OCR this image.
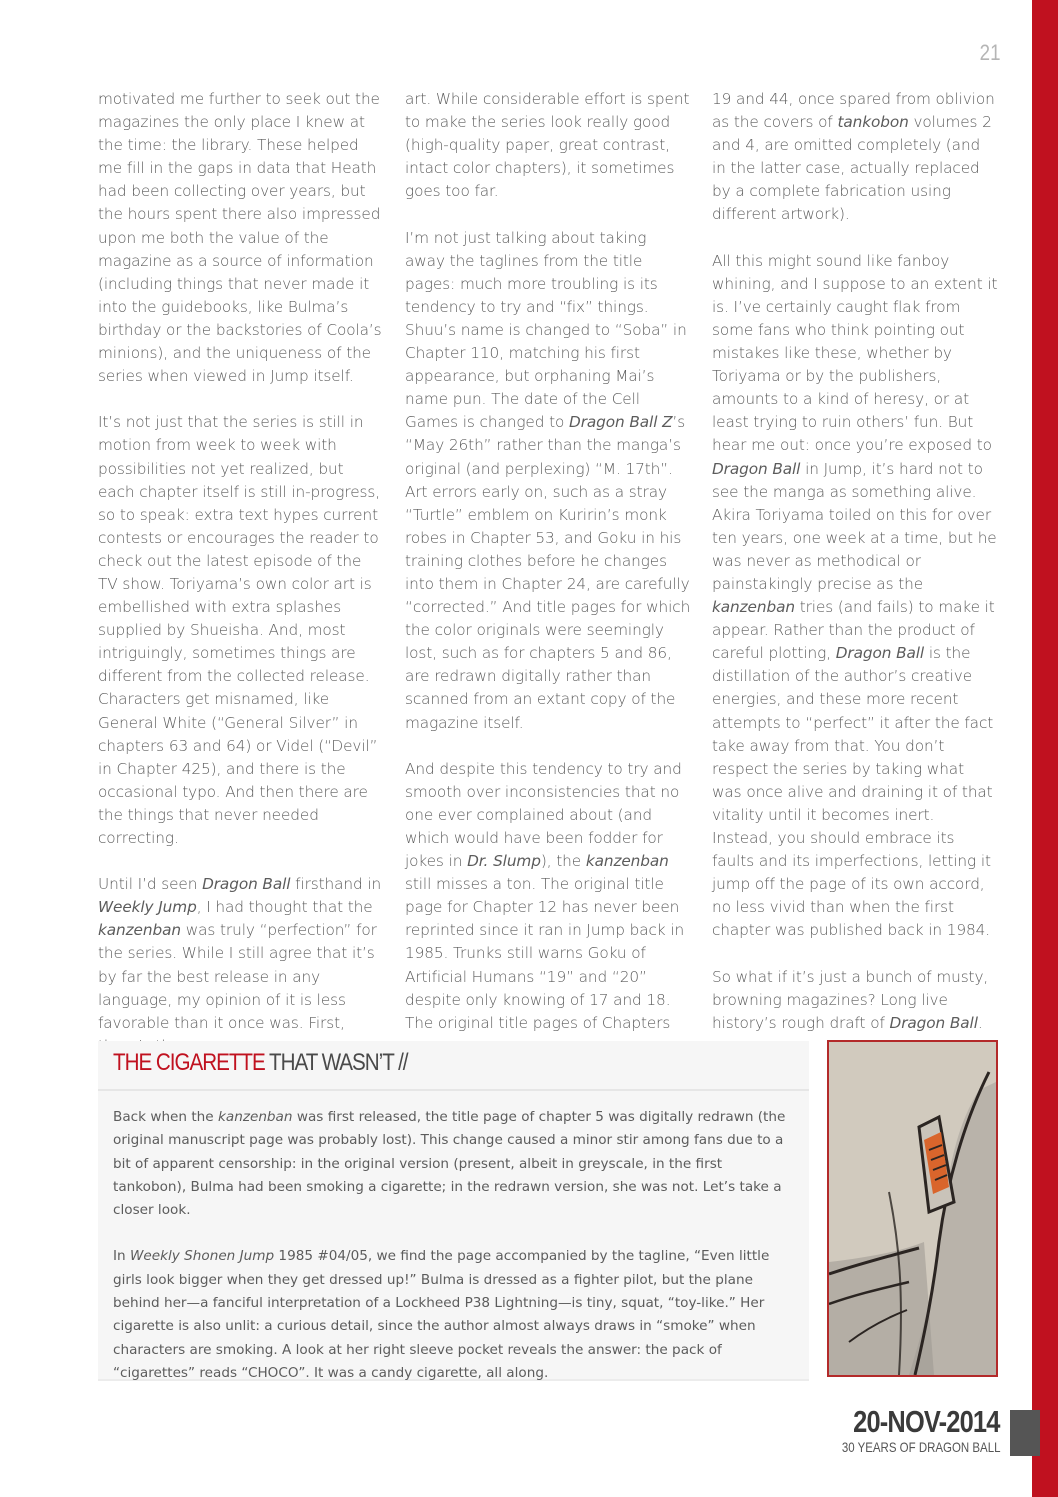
21

motivated me further to seek out the magazines the only place I knew at the time: the library. These helped me fill in the gaps in data that Heath had been collecting over years, but the hours spent there also impressed upon me both the value of the magazine as a source of information (including things that never made it into the guidebooks, like Bulma’s birthday or the backstories of Coola’s minions), and the uniqueness of the series when viewed in Jump itself.

It’s not just that the series is still in motion from week to week with possibilities not yet realized, but each chapter itself is still in-progress, so to speak: extra text hypes current contests or encourages the reader to check out the latest episode of the TV show. Toriyama’s own color art is embellished with extra splashes supplied by Shueisha. And, most intriguingly, sometimes things are different from the collected release. Characters get misnamed, like General White (“General Silver” in chapters 63 and 64) or Videl (“Devil” in Chapter 425), and there is the occasional typo. And then there are the things that never needed correcting.

Until I’d seen Dragon Ball firsthand in Weekly Jump, I had thought that the kanzenban was truly “perfection” for the series. While I still agree that it’s by far the best release in any language, my opinion of it is less favorable than it once was. First,

art. While considerable effort is spent to make the series look really good (high-quality paper, great contrast, intact color chapters), it sometimes goes too far.

I’m not just talking about taking away the taglines from the title pages: much more troubling is its tendency to try and “fix” things. Shuu’s name is changed to “Soba” in Chapter 110, matching his first appearance, but orphaning Mai’s name pun. The date of the Cell Games is changed to Dragon Ball Z’s “May 26th” rather than the manga’s original (and perplexing) “M. 17th”. Art errors early on, such as a stray “Turtle” emblem on Kuririn’s monk robes in Chapter 53, and Goku in his training clothes before he changes into them in Chapter 24, are carefully “corrected.” And title pages for which the color originals were seemingly lost, such as for chapters 5 and 86, are redrawn digitally rather than scanned from an extant copy of the magazine itself.

And despite this tendency to try and smooth over inconsistencies that no one ever complained about (and which would have been fodder for jokes in Dr. Slump), the kanzenban still misses a ton. The original title page for Chapter 12 has never been reprinted since it ran in Jump back in 1985. Trunks still warns Goku of Artificial Humans “19” and “20” despite only knowing of 17 and 18. The original title pages of Chapters

19 and 44, once spared from oblivion as the covers of tankobon volumes 2 and 4, are omitted completely (and in the latter case, actually replaced by a complete fabrication using different artwork).

All this might sound like fanboy whining, and I suppose to an extent it is. I’ve certainly caught flak from some fans who think pointing out mistakes like these, whether by Toriyama or by the publishers, amounts to a kind of heresy, or at least trying to ruin others’ fun. But hear me out: once you’re exposed to Dragon Ball in Jump, it’s hard not to see the manga as something alive. Akira Toriyama toiled on this for over ten years, one week at a time, but he was never as methodical or painstakingly precise as the kanzenban tries (and fails) to make it appear. Rather than the product of careful plotting, Dragon Ball is the distillation of the author’s creative energies, and these more recent attempts to “perfect” it after the fact take away from that. You don’t respect the series by taking what was once alive and draining it of that vitality until it becomes inert. Instead, you should embrace its faults and its imperfections, letting it jump off the page of its own accord, no less vivid than when the first chapter was published back in 1984.

So what if it’s just a bunch of musty, browning magazines? Long live history’s rough draft of Dragon Ball.

THE CIGARETTE THAT WASN’T //

Back when the kanzenban was first released, the title page of chapter 5 was digitally redrawn (the original manuscript page was probably lost). This change caused a minor stir among fans due to a bit of apparent censorship: in the original version (present, albeit in greyscale, in the first tankobon), Bulma had been smoking a cigarette; in the redrawn version, she was not. Let’s take a closer look.

In Weekly Shonen Jump 1985 #04/05, we find the page accompanied by the tagline, “Even little girls look bigger when they get dressed up!” Bulma is dressed as a fighter pilot, but the plane behind her—a fanciful interpretation of a Lockheed P38 Lightning—is tiny, squat, “toy-like.” Her cigarette is also unlit: a curious detail, since the author almost always draws in “smoke” when characters are smoking. A look at her right sleeve pocket reveals the answer: the pack of “cigarettes” reads “CHOCO”. It was a candy cigarette, all along.

20-NOV-2014
30 YEARS OF DRAGON BALL
